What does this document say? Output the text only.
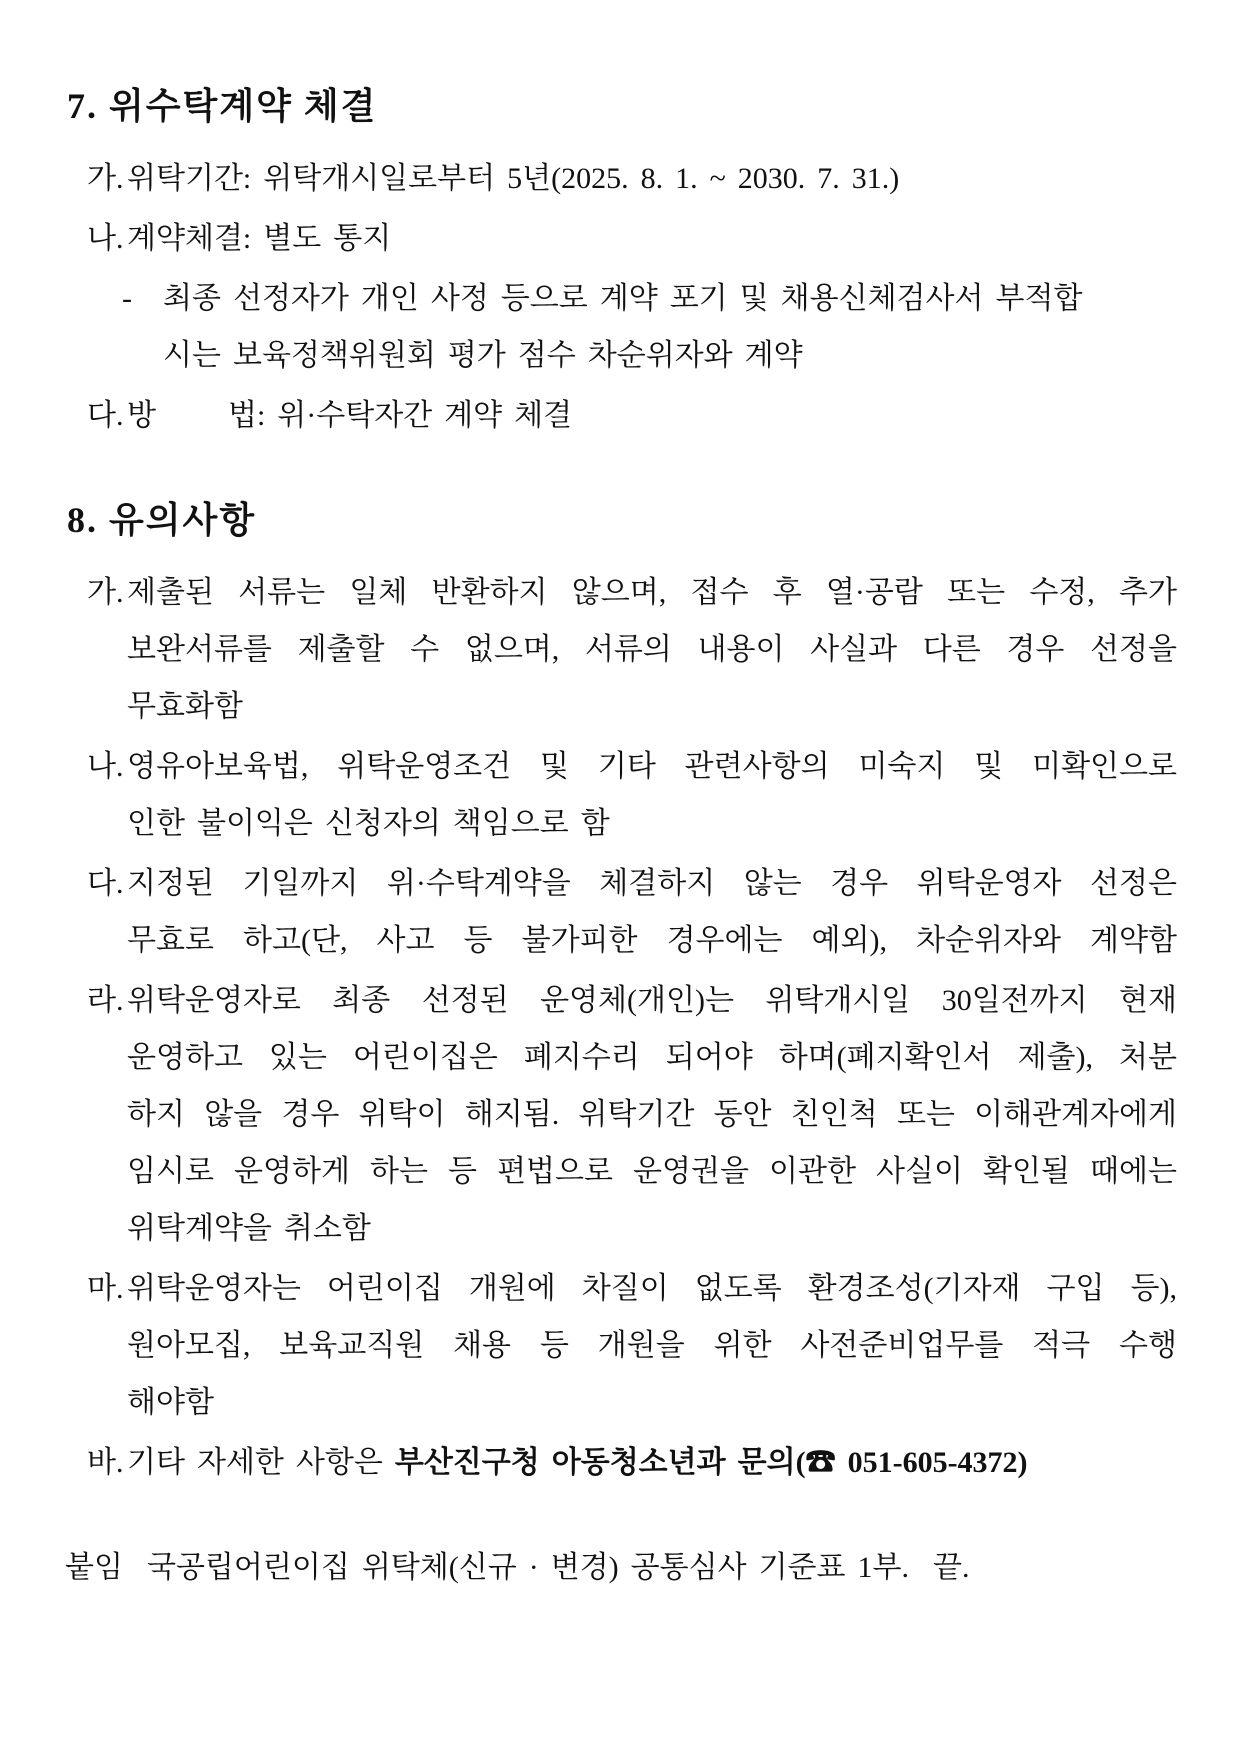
7. 위수탁계약 체결
가. 위탁기간: 위탁개시일로부터 5년(2025. 8. 1. ~ 2030. 7. 31.)
나. 계약체결: 별도 통지
- 최종 선정자가 개인 사정 등으로 계약 포기 및 채용신체검사서 부적합
시는 보육정책위원회 평가 점수 차순위자와 계약
다. 방      법: 위·수탁자간 계약 체결
8. 유의사항
가. 제출된 서류는 일체 반환하지 않으며, 접수 후 열·공람 또는 수정, 추가
보완서류를 제출할 수 없으며, 서류의 내용이 사실과 다른 경우 선정을
무효화함
나. 영유아보육법, 위탁운영조건 및 기타 관련사항의 미숙지 및 미확인으로
인한 불이익은 신청자의 책임으로 함
다. 지정된 기일까지 위·수탁계약을 체결하지 않는 경우 위탁운영자 선정은
무효로 하고(단, 사고 등 불가피한 경우에는 예외), 차순위자와 계약함
라. 위탁운영자로 최종 선정된 운영체(개인)는 위탁개시일 30일전까지 현재
운영하고 있는 어린이집은 폐지수리 되어야 하며(폐지확인서 제출), 처분
하지 않을 경우 위탁이 해지됨. 위탁기간 동안 친인척 또는 이해관계자에게
임시로 운영하게 하는 등 편법으로 운영권을 이관한 사실이 확인될 때에는
위탁계약을 취소함
마. 위탁운영자는 어린이집 개원에 차질이 없도록 환경조성(기자재 구입 등),
원아모집, 보육교직원 채용 등 개원을 위한 사전준비업무를 적극 수행
해야함
바. 기타 자세한 사항은 부산진구청 아동청소년과 문의(☎ 051-605-4372)
붙임  국공립어린이집 위탁체(신규 · 변경) 공통심사 기준표 1부.  끝.
